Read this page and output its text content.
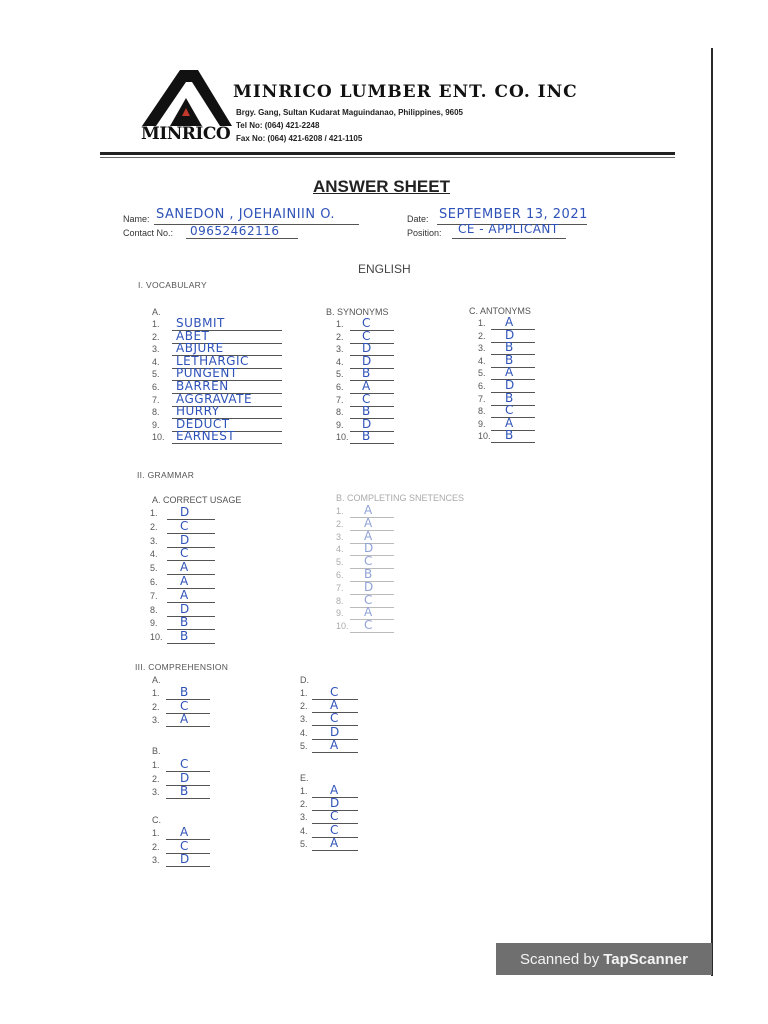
MINRICO
MINRICO LUMBER ENT. CO. INC
Brgy. Gang, Sultan Kudarat Maguindanao, Philippines, 9605
Tel No: (064) 421-2248
Fax No: (064) 421-6208 / 421-1105
ANSWER SHEET
Name: SANEDON , JOEHAINIIN O.
Contact No.: 09652462116
Date: SEPTEMBER 13, 2021
Position: CE - APPLICANT
ENGLISH
I. VOCABULARY
A.	B. SYNONYMS	C. ANTONYMS
II. GRAMMAR
A. CORRECT USAGE	B. COMPLETING SNETENCES
III. COMPREHENSION
A.
B.
C.
D.
E.
1. SUBMIT
2. ABET
3. ABJURE
4. LETHARGIC
5. PUNGENT
6. BARREN
7. AGGRAVATE
8. HURRY
9. DEDUCT
10. EARNEST
1. C
2. C
3. D
4. D
5. B
6. A
7. C
8. B
9. D
10. B
1. A
2. D
3. B
4. B
5. A
6. D
7. B
8. C
9. A
10. B
1. D
2. C
3. D
4. C
5. A
6. A
7. A
8. D
9. B
10. B
1. A
2. A
3. A
4. D
5. C
6. B
7. D
8. C
9. A
10. C
1. B
2. C
3. A
1. C
2. D
3. B
1. A
2. C
3. D
1. C
2. A
3. C
4. D
5. A
1. A
2. D
3. C
4. C
5. A
Scanned by TapScanner
